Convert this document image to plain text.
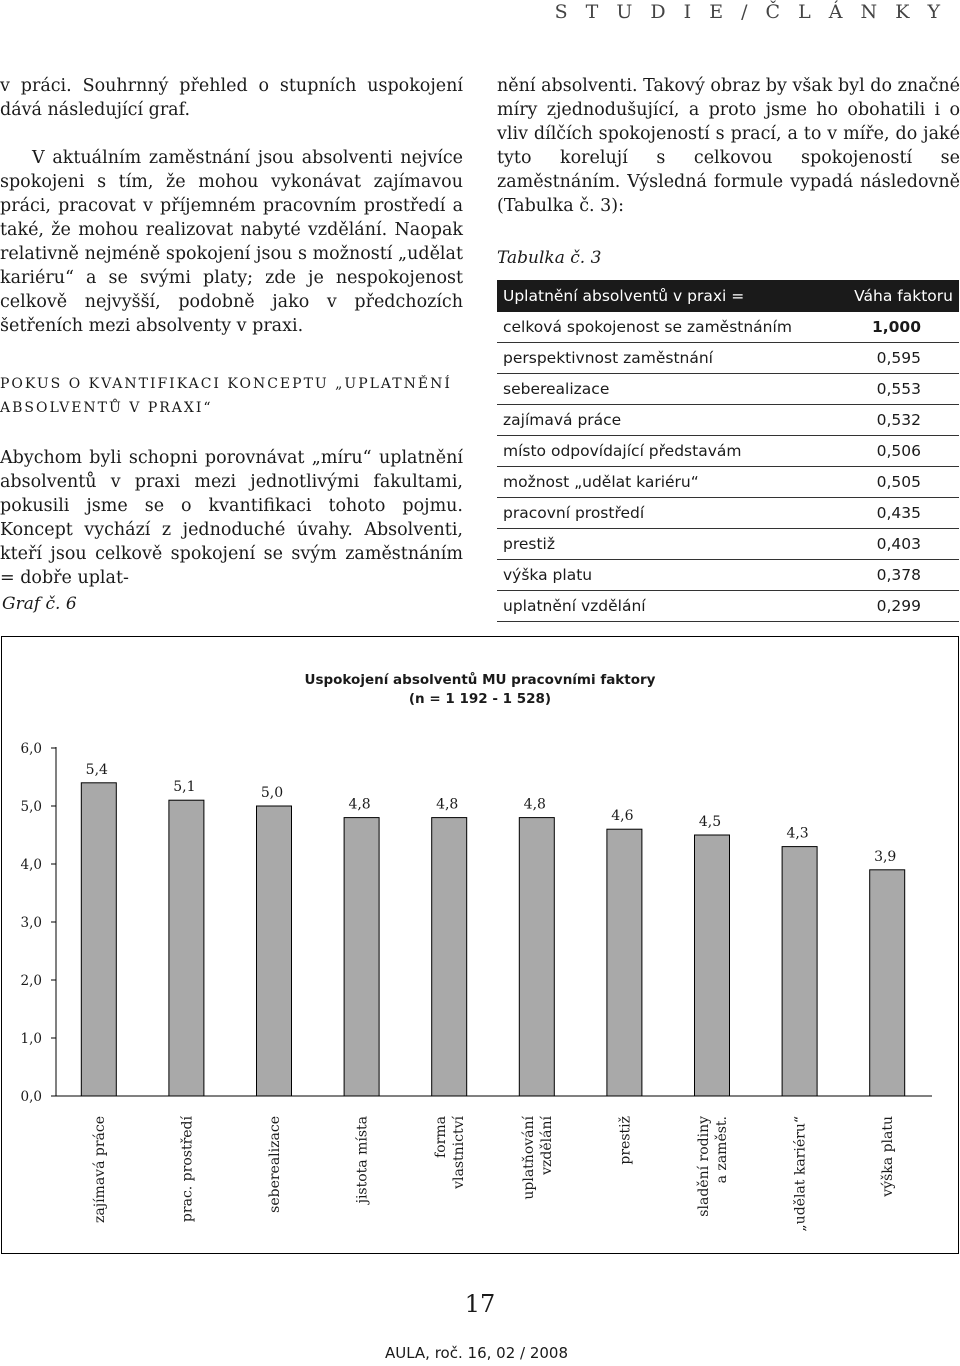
S T U D I E / Č L Á N K Y

v práci. Souhrnný přehled o stupních uspokojení dává následující graf.

V aktuálním zaměstnání jsou absolventi nejvíce spokojeni s tím, že mohou vykonávat zajímavou práci, pracovat v příjemném pracovním prostředí a také, že mohou realizovat nabyté vzdělání. Naopak relativně nejméně spokojení jsou s možností „udělat kariéru“ a se svými platy; zde je nespokojenost celkově nejvyšší, podobně jako v předchozích šetřeních mezi absolventy v praxi.

POKUS O KVANTIFIKACI KONCEPTU „UPLATNĚNÍ ABSOLVENTŮ V PRAXI“

Abychom byli schopni porovnávat „míru“ uplatnění absolventů v praxi mezi jednotlivými fakultami, pokusili jsme se o kvantifikaci tohoto pojmu. Koncept vychází z jednoduché úvahy. Absolventi, kteří jsou celkově spokojení se svým zaměstnáním = dobře uplat-

nění absolventi. Takový obraz by však byl do značné míry zjednodušující, a proto jsme ho obohatili i o vliv dílčích spokojeností s prací, a to v míře, do jaké tyto korelují s celkovou spokojeností se zaměstnáním. Výsledná formule vypadá následovně (Tabulka č. 3):

Tabulka č. 3
Uplatnění absolventů v praxi =	Váha faktoru
celková spokojenost se zaměstnáním	1,000
perspektivnost zaměstnání	0,595
seberealizace	0,553
zajímavá práce	0,532
místo odpovídající představám	0,506
možnost „udělat kariéru“	0,505
pracovní prostředí	0,435
prestiž	0,403
výška platu	0,378
uplatnění vzdělání	0,299
Graf č. 6
Uspokojení absolventů MU pracovními faktory
(n = 1 192 - 1 528)
0,0
1,0
2,0
3,0
4,0
5,0
6,0
5,4
zajímavá práce
5,1
prac. prostředí
5,0
seberealizace
4,8
jistota místa
4,8
forma vlastnictví
4,8
uplatňování vzdělání
4,6
prestiž
4,5
sladění rodiny a zaměst.
4,3
„udělat kariéru“
3,9
výška platu
17
AULA, roč. 16, 02 / 2008
